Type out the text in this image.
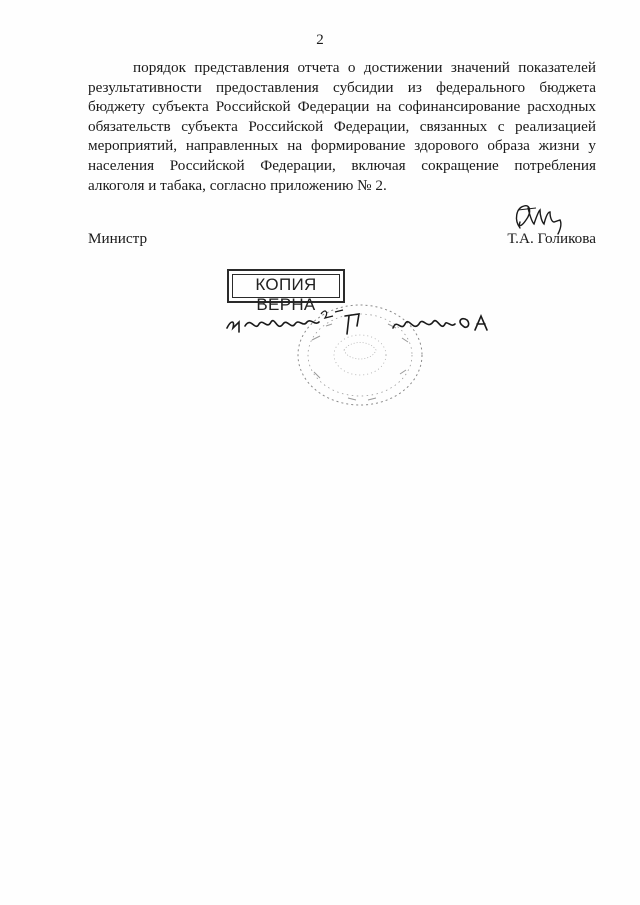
2
порядок представления отчета о достижении значений показателей
результативности предоставления субсидии из федерального бюджета
бюджету субъекта Российской Федерации на софинансирование расходных
обязательств субъекта Российской Федерации, связанных с реализацией
мероприятий, направленных на формирование здорового образа жизни у
населения Российской Федерации, включая сокращение потребления
алкоголя и табака, согласно приложению № 2.
Министр	Т.А. Голикова
КОПИЯ ВЕРНА
